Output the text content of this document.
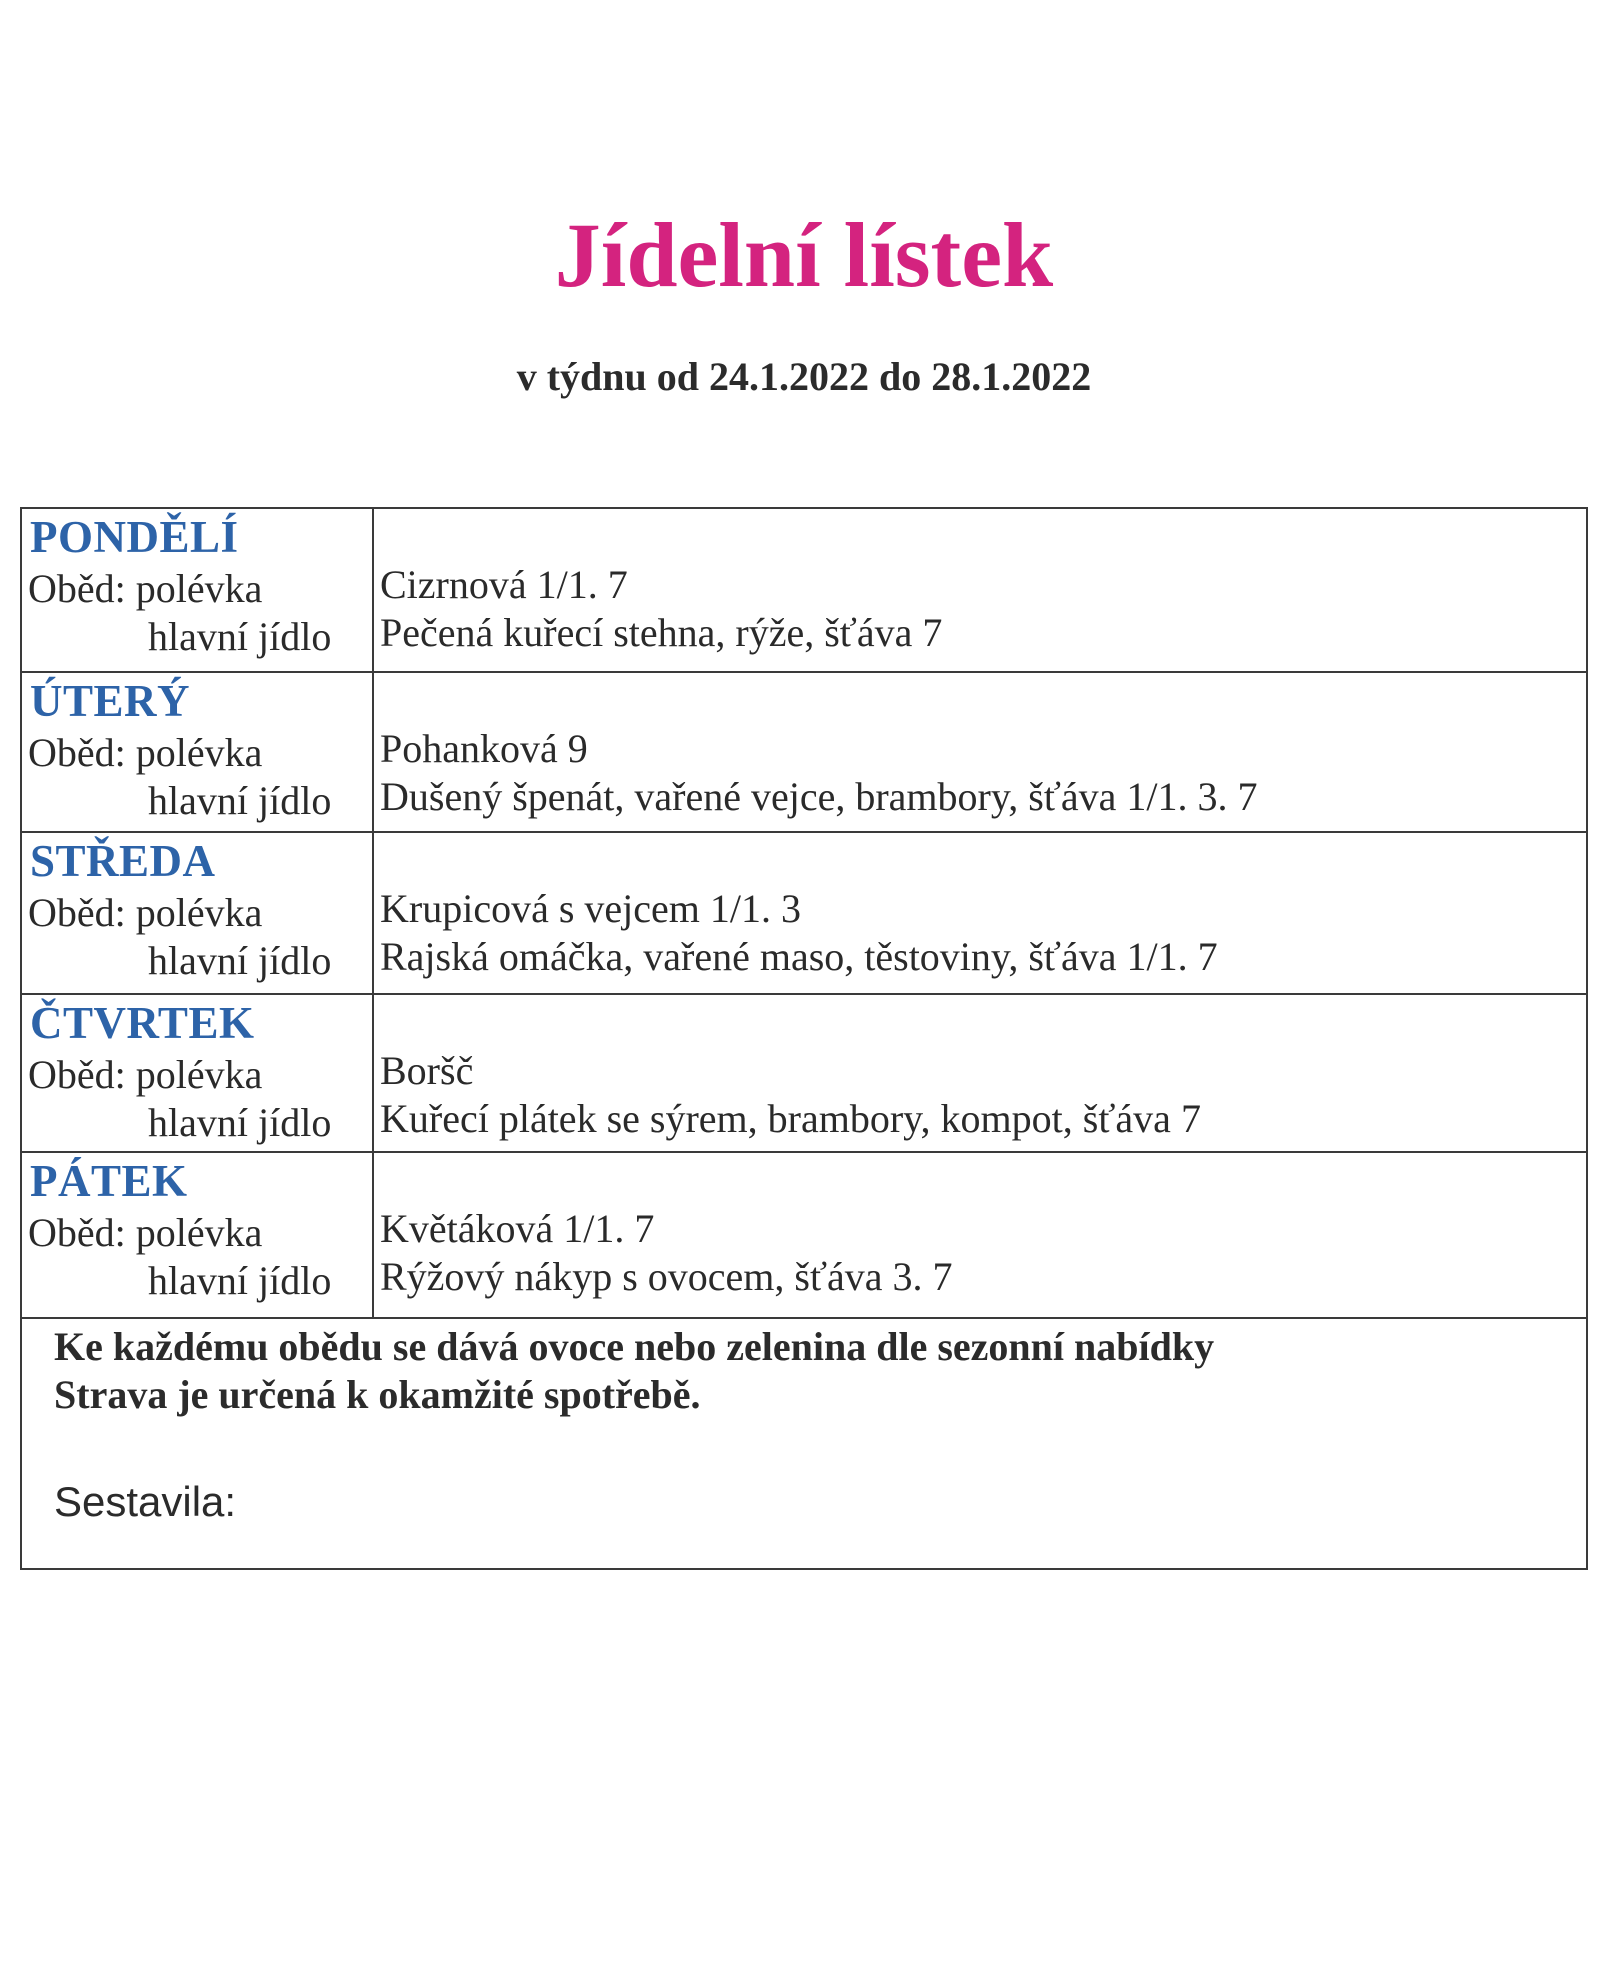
Jídelní lístek
v týdnu od 24.1.2022 do 28.1.2022
PONDĚLÍ
Oběd: polévka
hlavní jídlo
Cizrnová 1/1. 7
Pečená kuřecí stehna, rýže, šťáva 7
ÚTERÝ
Oběd: polévka
hlavní jídlo
Pohanková 9
Dušený špenát, vařené vejce, brambory, šťáva 1/1. 3. 7
STŘEDA
Oběd: polévka
hlavní jídlo
Krupicová s vejcem 1/1. 3
Rajská omáčka, vařené maso, těstoviny, šťáva 1/1. 7
ČTVRTEK
Oběd: polévka
hlavní jídlo
Boršč
Kuřecí plátek se sýrem, brambory, kompot, šťáva 7
PÁTEK
Oběd: polévka
hlavní jídlo
Květáková 1/1. 7
Rýžový nákyp s ovocem, šťáva 3. 7
Ke každému obědu se dává ovoce nebo zelenina dle sezonní nabídky
Strava je určená k okamžité spotřebě.
Sestavila:
